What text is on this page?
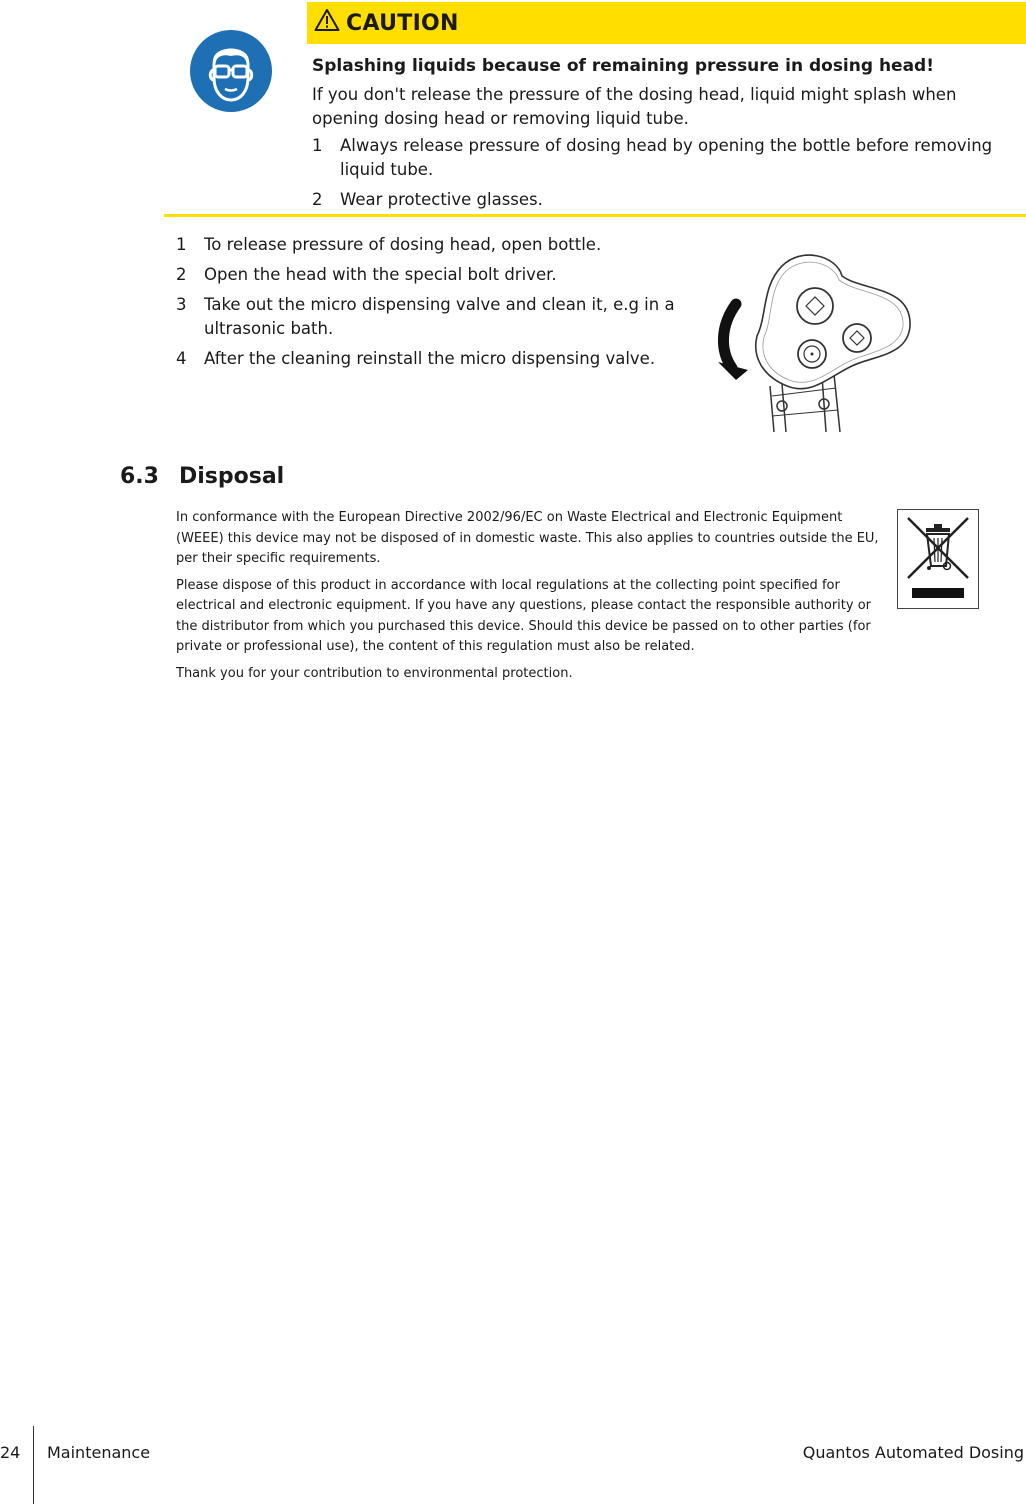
CAUTION
Splashing liquids because of remaining pressure in dosing head!
If you don't release the pressure of the dosing head, liquid might splash when opening dosing head or removing liquid tube.
1	Always release pressure of dosing head by opening the bottle before removing liquid tube.
2	Wear protective glasses.
1	To release pressure of dosing head, open bottle.
2	Open the head with the special bolt driver.
3	Take out the micro dispensing valve and clean it, e.g in a ultrasonic bath.
4	After the cleaning reinstall the micro dispensing valve.
6.3 Disposal

In conformance with the European Directive 2002/96/EC on Waste Electrical and Electronic Equipment (WEEE) this device may not be disposed of in domestic waste. This also applies to countries outside the EU, per their specific requirements.

Please dispose of this product in accordance with local regulations at the collecting point specified for electrical and electronic equipment. If you have any questions, please contact the responsible authority or the distributor from which you purchased this device. Should this device be passed on to other parties (for private or professional use), the content of this regulation must also be related.

Thank you for your contribution to environmental protection.

24 Maintenance	Quantos Automated Dosing
